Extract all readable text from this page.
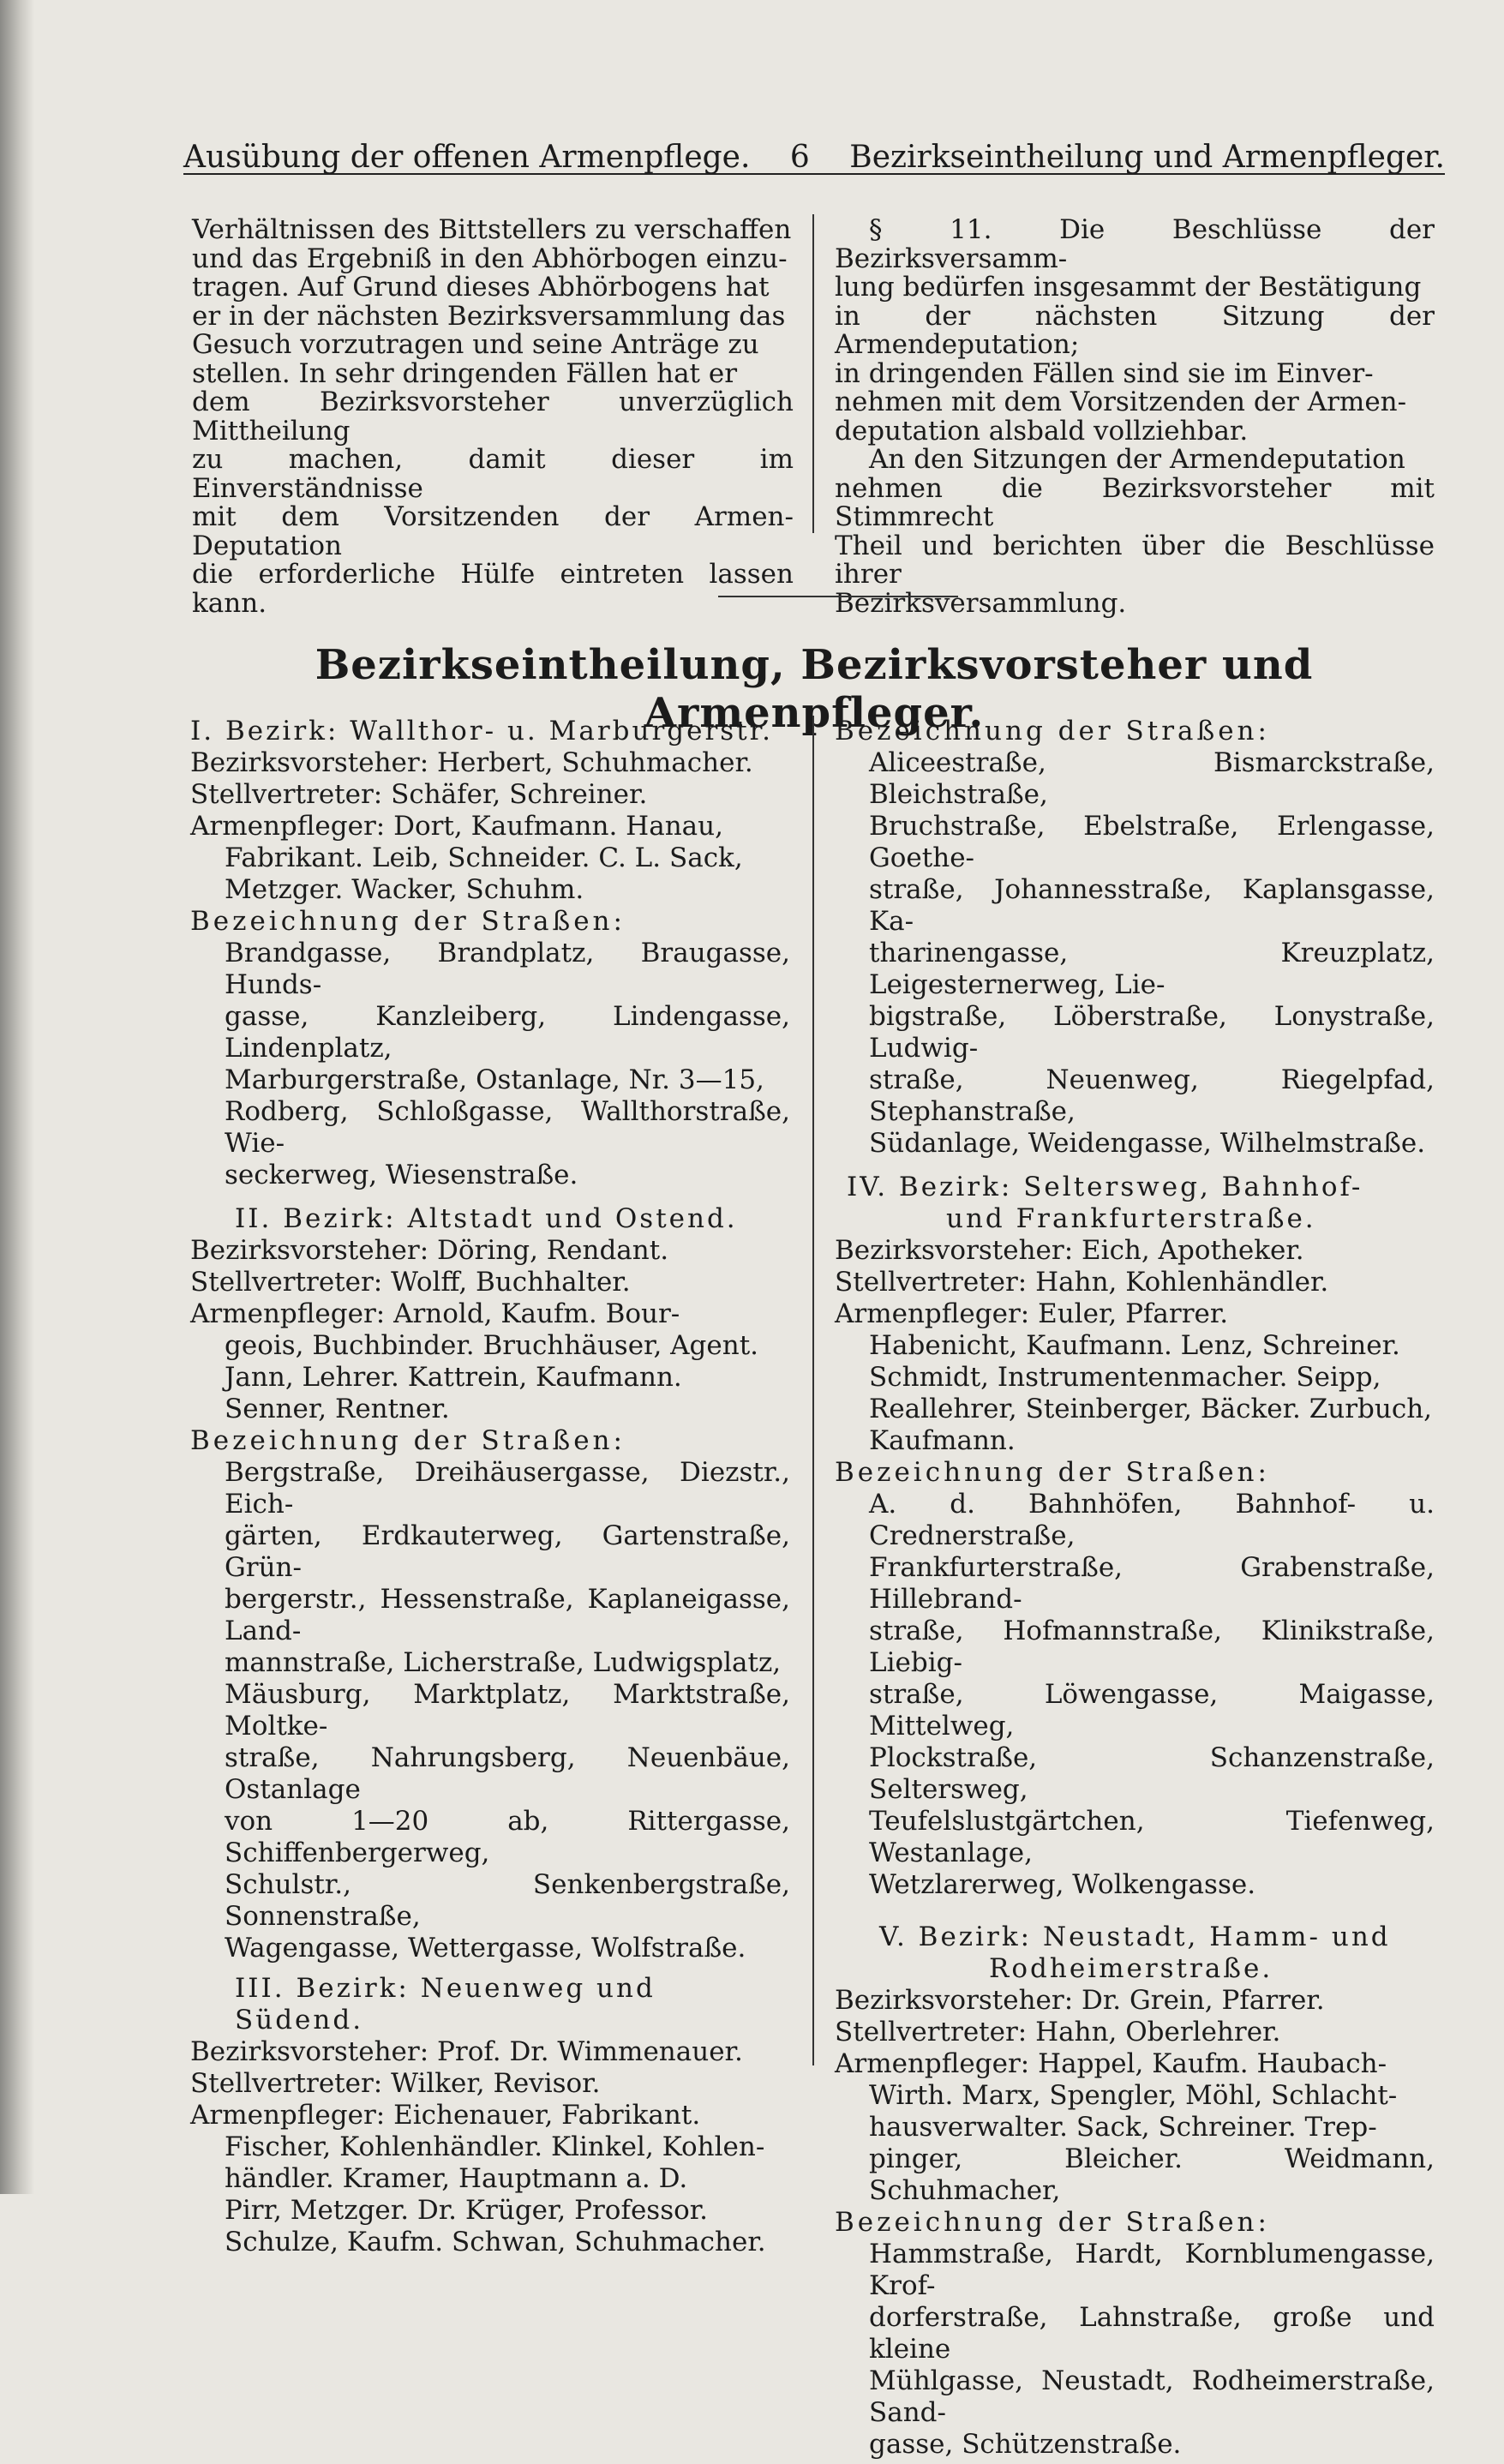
Ausübung der offenen Armenpflege. 6 Bezirkseintheilung und Armenpfleger.

Verhältnissen des Bittstellers zu verschaffen

und das Ergebniß in den Abhörbogen einzu-

tragen. Auf Grund dieses Abhörbogens hat

er in der nächsten Bezirksversammlung das

Gesuch vorzutragen und seine Anträge zu

stellen. In sehr dringenden Fällen hat er

dem Bezirksvorsteher unverzüglich Mittheilung

zu machen, damit dieser im Einverständnisse

mit dem Vorsitzenden der Armen-Deputation

die erforderliche Hülfe eintreten lassen kann.

§ 11. Die Beschlüsse der Bezirksversamm-

lung bedürfen insgesammt der Bestätigung

in der nächsten Sitzung der Armendeputation;

in dringenden Fällen sind sie im Einver-

nehmen mit dem Vorsitzenden der Armen-

deputation alsbald vollziehbar.

An den Sitzungen der Armendeputation

nehmen die Bezirksvorsteher mit Stimmrecht

Theil und berichten über die Beschlüsse ihrer

Bezirksversammlung.

Bezirkseintheilung, Bezirksvorsteher und Armenpfleger.
I. Bezirk: Wallthor- u. Marburgerstr.
Bezirksvorsteher: Herbert, Schuhmacher.
Stellvertreter: Schäfer, Schreiner.
Armenpfleger: Dort, Kaufmann. Hanau,
Fabrikant. Leib, Schneider. C. L. Sack,
Metzger. Wacker, Schuhm.
Bezeichnung der Straßen:
Brandgasse, Brandplatz, Braugasse, Hunds-
gasse, Kanzleiberg, Lindengasse, Lindenplatz,
Marburgerstraße, Ostanlage, Nr. 3—15,
Rodberg, Schloßgasse, Wallthorstraße, Wie-
seckerweg, Wiesenstraße.
II. Bezirk: Altstadt und Ostend.
Bezirksvorsteher: Döring, Rendant.
Stellvertreter: Wolff, Buchhalter.
Armenpfleger: Arnold, Kaufm. Bour-
geois, Buchbinder. Bruchhäuser, Agent.
Jann, Lehrer. Kattrein, Kaufmann.
Senner, Rentner.
Bezeichnung der Straßen:
Bergstraße, Dreihäusergasse, Diezstr., Eich-
gärten, Erdkauterweg, Gartenstraße, Grün-
bergerstr., Hessenstraße, Kaplaneigasse, Land-
mannstraße, Licherstraße, Ludwigsplatz,
Mäusburg, Marktplatz, Marktstraße, Moltke-
straße, Nahrungsberg, Neuenbäue, Ostanlage
von 1—20 ab, Rittergasse, Schiffenbergerweg,
Schulstr., Senkenbergstraße, Sonnenstraße,
Wagengasse, Wettergasse, Wolfstraße.
III. Bezirk: Neuenweg und Südend.
Bezirksvorsteher: Prof. Dr. Wimmenauer.
Stellvertreter: Wilker, Revisor.
Armenpfleger: Eichenauer, Fabrikant.
Fischer, Kohlenhändler. Klinkel, Kohlen-
händler. Kramer, Hauptmann a. D.
Pirr, Metzger. Dr. Krüger, Professor.
Schulze, Kaufm. Schwan, Schuhmacher.
Bezeichnung der Straßen:
Aliceestraße, Bismarckstraße, Bleichstraße,
Bruchstraße, Ebelstraße, Erlengasse, Goethe-
straße, Johannesstraße, Kaplansgasse, Ka-
tharinengasse, Kreuzplatz, Leigesternerweg, Lie-
bigstraße, Löberstraße, Lonystraße, Ludwig-
straße, Neuenweg, Riegelpfad, Stephanstraße,
Südanlage, Weidengasse, Wilhelmstraße.
IV. Bezirk: Seltersweg, Bahnhof-
und Frankfurterstraße.
Bezirksvorsteher: Eich, Apotheker.
Stellvertreter: Hahn, Kohlenhändler.
Armenpfleger: Euler, Pfarrer.
Habenicht, Kaufmann. Lenz, Schreiner.
Schmidt, Instrumentenmacher. Seipp,
Reallehrer, Steinberger, Bäcker. Zurbuch,
Kaufmann.
Bezeichnung der Straßen:
A. d. Bahnhöfen, Bahnhof- u. Crednerstraße,
Frankfurterstraße, Grabenstraße, Hillebrand-
straße, Hofmannstraße, Klinikstraße, Liebig-
straße, Löwengasse, Maigasse, Mittelweg,
Plockstraße, Schanzenstraße, Seltersweg,
Teufelslustgärtchen, Tiefenweg, Westanlage,
Wetzlarerweg, Wolkengasse.
V. Bezirk: Neustadt, Hamm- und
Rodheimerstraße.
Bezirksvorsteher: Dr. Grein, Pfarrer.
Stellvertreter: Hahn, Oberlehrer.
Armenpfleger: Happel, Kaufm. Haubach-
Wirth. Marx, Spengler, Möhl, Schlacht-
hausverwalter. Sack, Schreiner. Trep-
pinger, Bleicher. Weidmann, Schuhmacher,
Bezeichnung der Straßen:
Hammstraße, Hardt, Kornblumengasse, Krof-
dorferstraße, Lahnstraße, große und kleine
Mühlgasse, Neustadt, Rodheimerstraße, Sand-
gasse, Schützenstraße.
